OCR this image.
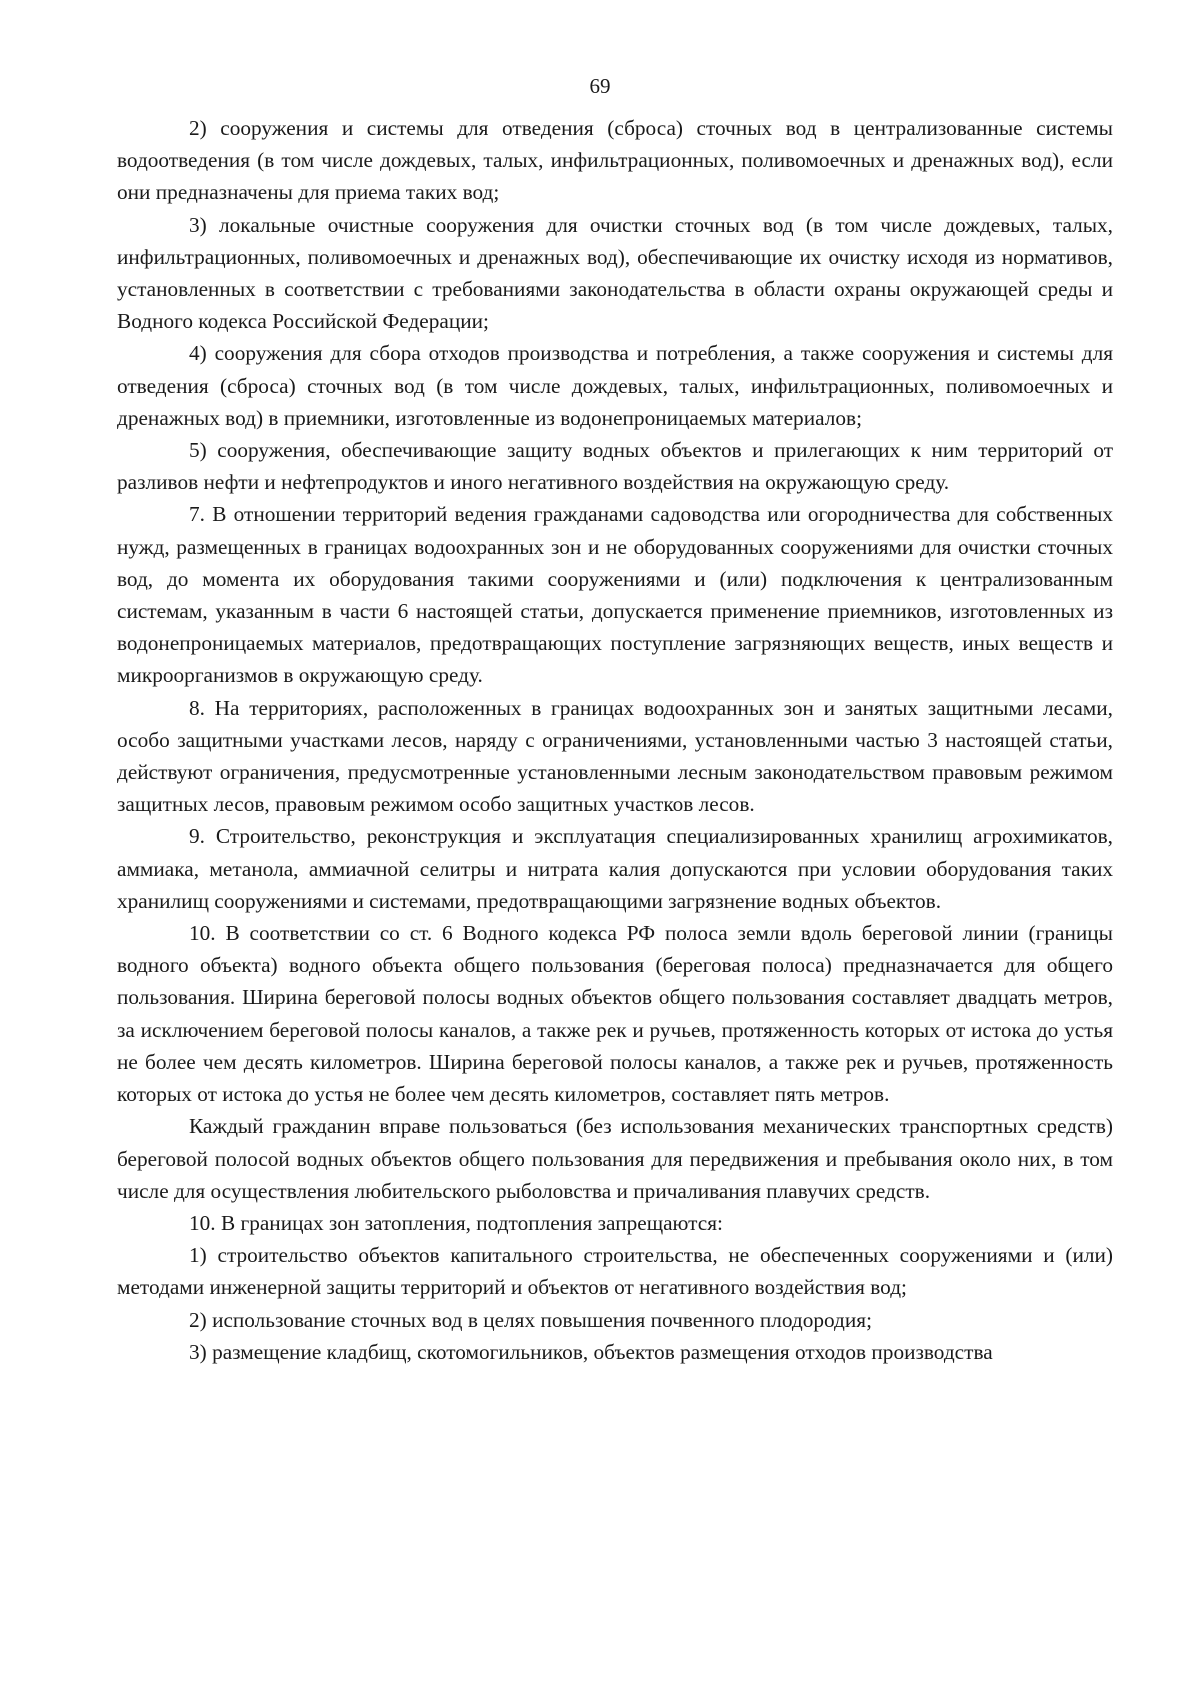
69

2) сооружения и системы для отведения (сброса) сточных вод в централизованные системы водоотведения (в том числе дождевых, талых, инфильтрационных, поливомоечных и дренажных вод), если они предназначены для приема таких вод;

3) локальные очистные сооружения для очистки сточных вод (в том числе дождевых, талых, инфильтрационных, поливомоечных и дренажных вод), обеспечивающие их очистку исходя из нормативов, установленных в соответствии с требованиями законодательства в области охраны окружающей среды и Водного кодекса Российской Федерации;

4) сооружения для сбора отходов производства и потребления, а также сооружения и системы для отведения (сброса) сточных вод (в том числе дождевых, талых, инфильтрационных, поливомоечных и дренажных вод) в приемники, изготовленные из водонепроницаемых материалов;

5) сооружения, обеспечивающие защиту водных объектов и прилегающих к ним территорий от разливов нефти и нефтепродуктов и иного негативного воздействия на окружающую среду.

7. В отношении территорий ведения гражданами садоводства или огородничества для собственных нужд, размещенных в границах водоохранных зон и не оборудованных сооружениями для очистки сточных вод, до момента их оборудования такими сооружениями и (или) подключения к централизованным системам, указанным в части 6 настоящей статьи, допускается применение приемников, изготовленных из водонепроницаемых материалов, предотвращающих поступление загрязняющих веществ, иных веществ и микроорганизмов в окружающую среду.

8. На территориях, расположенных в границах водоохранных зон и занятых защитными лесами, особо защитными участками лесов, наряду с ограничениями, установленными частью 3 настоящей статьи, действуют ограничения, предусмотренные установленными лесным законодательством правовым режимом защитных лесов, правовым режимом особо защитных участков лесов.

9. Строительство, реконструкция и эксплуатация специализированных хранилищ агрохимикатов, аммиака, метанола, аммиачной селитры и нитрата калия допускаются при условии оборудования таких хранилищ сооружениями и системами, предотвращающими загрязнение водных объектов.

10. В соответствии со ст. 6 Водного кодекса РФ полоса земли вдоль береговой линии (границы водного объекта) водного объекта общего пользования (береговая полоса) предназначается для общего пользования. Ширина береговой полосы водных объектов общего пользования составляет двадцать метров, за исключением береговой полосы каналов, а также рек и ручьев, протяженность которых от истока до устья не более чем десять километров. Ширина береговой полосы каналов, а также рек и ручьев, протяженность которых от истока до устья не более чем десять километров, составляет пять метров.

Каждый гражданин вправе пользоваться (без использования механических транспортных средств) береговой полосой водных объектов общего пользования для передвижения и пребывания около них, в том числе для осуществления любительского рыболовства и причаливания плавучих средств.

10. В границах зон затопления, подтопления запрещаются:

1) строительство объектов капитального строительства, не обеспеченных сооружениями и (или) методами инженерной защиты территорий и объектов от негативного воздействия вод;

2) использование сточных вод в целях повышения почвенного плодородия;

3) размещение кладбищ, скотомогильников, объектов размещения отходов производства
